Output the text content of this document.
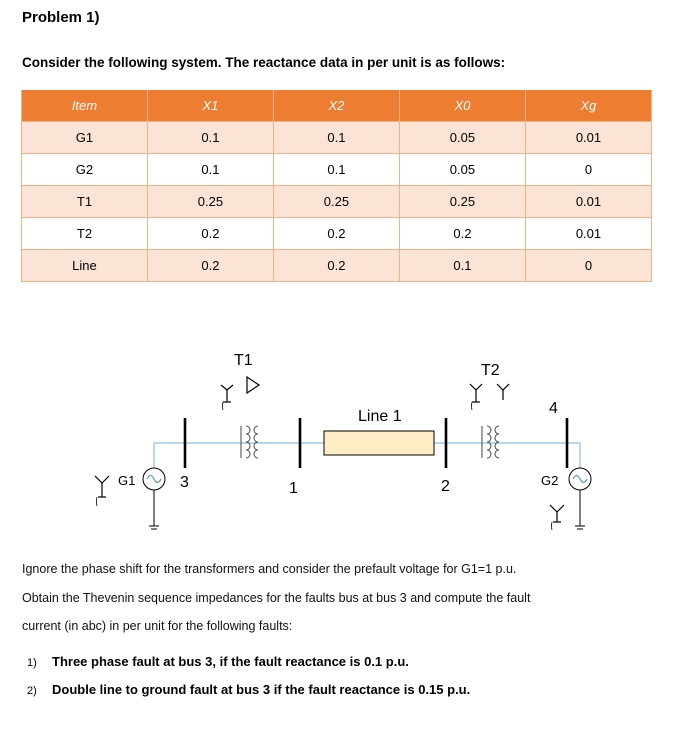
Problem 1)
Consider the following system. The reactance data in per unit is as follows:
Item	X1	X2	X0	Xg
G1	0.1	0.1	0.05	0.01
G2	0.1	0.1	0.05	0
T1	0.25	0.25	0.25	0.01
T2	0.2	0.2	0.2	0.01
Line	0.2	0.2	0.1	0
T1
T2
Line 1
G1	3	1	2
4
G2

Ignore the phase shift for the transformers and consider the prefault voltage for G1=1 p.u.

Obtain the Thevenin sequence impedances for the faults bus at bus 3 and compute the fault

current (in abc) in per unit for the following faults:

1) Three phase fault at bus 3, if the fault reactance is 0.1 p.u.
2) Double line to ground fault at bus 3 if the fault reactance is 0.15 p.u.
